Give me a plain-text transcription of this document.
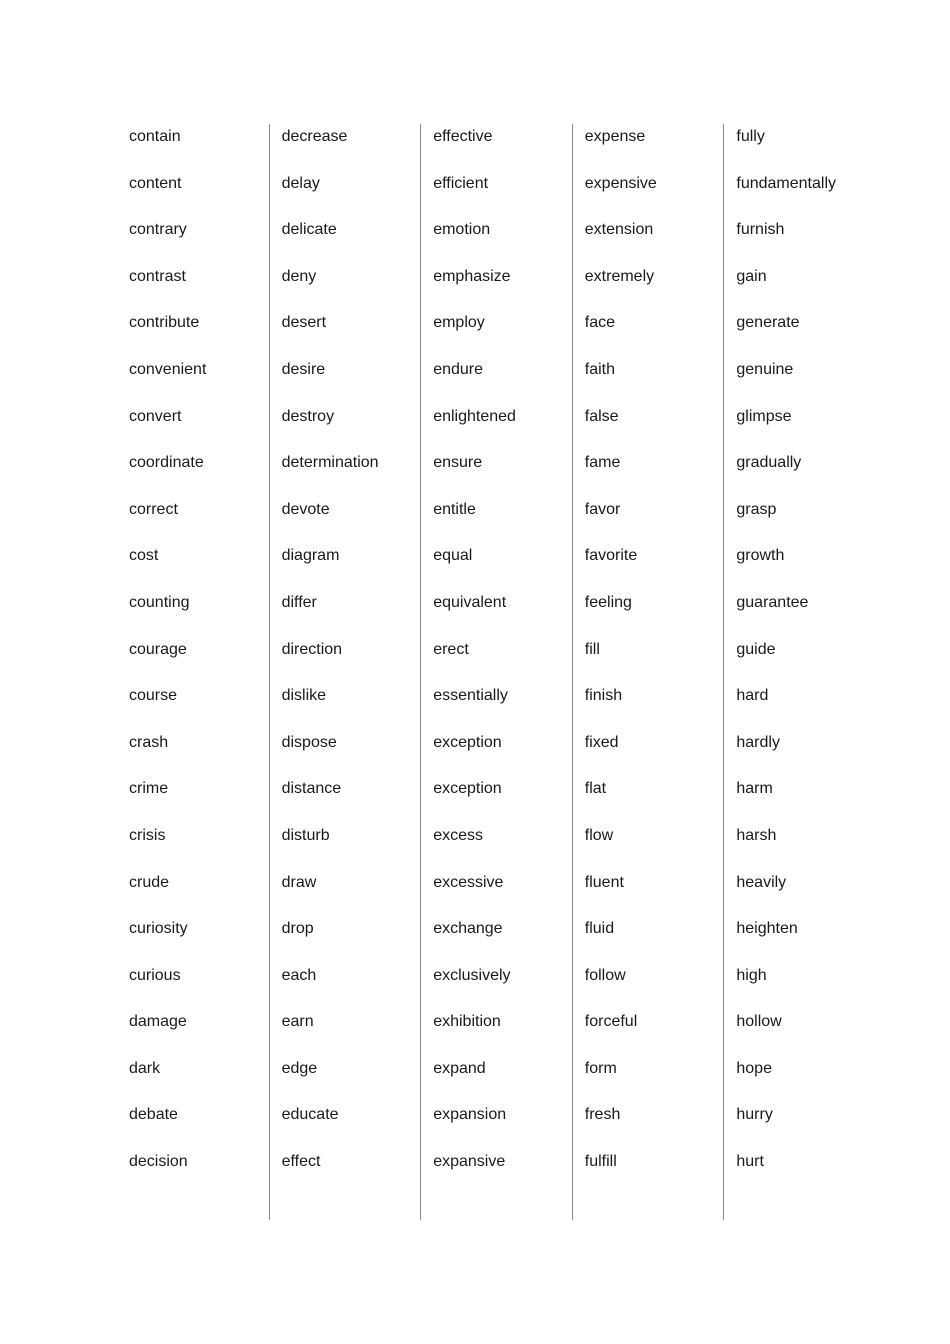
contain
content
contrary
contrast
contribute
convenient
convert
coordinate
correct
cost
counting
courage
course
crash
crime
crisis
crude
curiosity
curious
damage
dark
debate
decision
decrease
delay
delicate
deny
desert
desire
destroy
determination
devote
diagram
differ
direction
dislike
dispose
distance
disturb
draw
drop
each
earn
edge
educate
effect
effective
efficient
emotion
emphasize
employ
endure
enlightened
ensure
entitle
equal
equivalent
erect
essentially
exception
exception
excess
excessive
exchange
exclusively
exhibition
expand
expansion
expansive
expense
expensive
extension
extremely
face
faith
false
fame
favor
favorite
feeling
fill
finish
fixed
flat
flow
fluent
fluid
follow
forceful
form
fresh
fulfill
fully
fundamentally
furnish
gain
generate
genuine
glimpse
gradually
grasp
growth
guarantee
guide
hard
hardly
harm
harsh
heavily
heighten
high
hollow
hope
hurry
hurt
